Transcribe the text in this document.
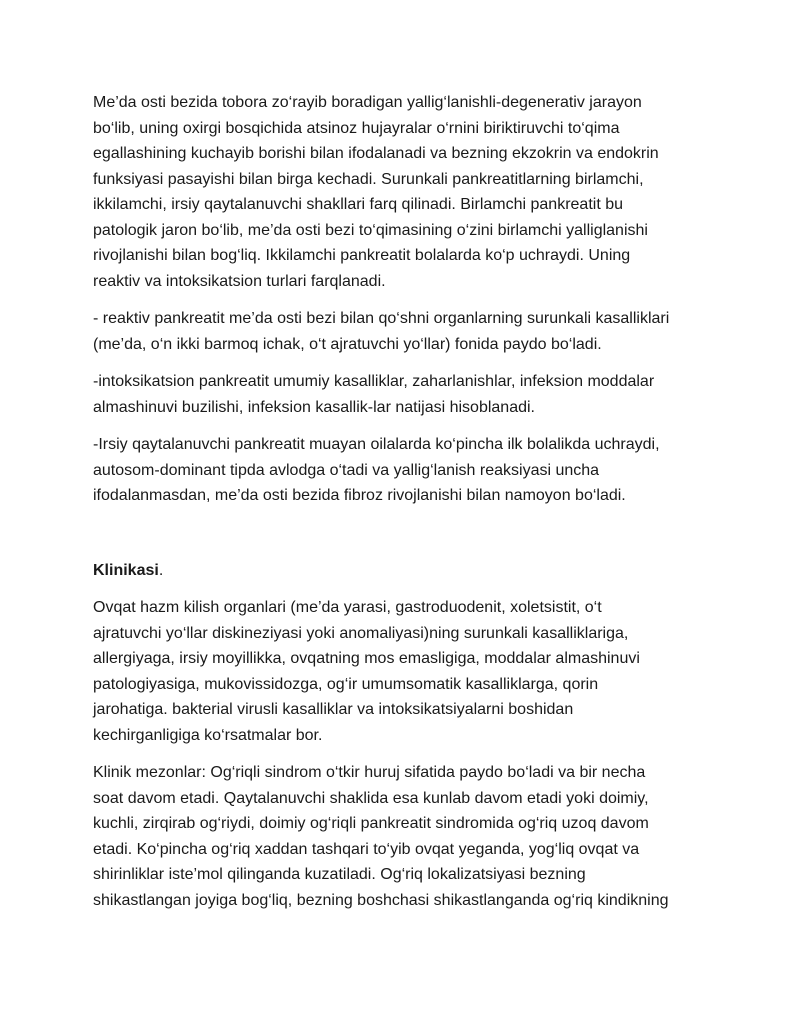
Me’da osti bezida tobora zo‘rayib boradigan yallig‘lanishli-degenerativ jarayon
bo‘lib, uning oxirgi bosqichida atsinoz hujayralar o‘rnini biriktiruvchi to‘qima
egallashining kuchayib borishi bilan ifodalanadi va bezning ekzokrin va endokrin
funksiyasi pasayishi bilan birga kechadi. Surunkali pankreatitlarning birlamchi,
ikkilamchi, irsiy qaytalanuvchi shakllari farq qilinadi. Birlamchi pankreatit bu
patologik jaron bo‘lib, me’da osti bezi to‘qimasining o‘zini birlamchi yalliglanishi
rivojlanishi bilan bog‘liq. Ikkilamchi pankreatit bolalarda ko‘p uchraydi. Uning
reaktiv va intoksikatsion turlari farqlanadi.

- reaktiv pankreatit me’da osti bezi bilan qo‘shni organlarning surunkali kasalliklari
(me’da, o‘n ikki barmoq ichak, o‘t ajratuvchi yo‘llar) fonida paydo bo‘ladi.

-intoksikatsion pankreatit umumiy kasalliklar, zaharlanishlar, infeksion moddalar
almashinuvi buzilishi, infeksion kasallik-lar natijasi hisoblanadi.

-Irsiy qaytalanuvchi pankreatit muayan oilalarda ko‘pincha ilk bolalikda uchraydi,
autosom-dominant tipda avlodga o‘tadi va yallig‘lanish reaksiyasi uncha
ifodalanmasdan, me’da osti bezida fibroz rivojlanishi bilan namoyon bo‘ladi.

Klinikasi.

Ovqat hazm kilish organlari (me’da yarasi, gastroduodenit, xoletsistit, o‘t
ajratuvchi yo‘llar diskineziyasi yoki anomaliyasi)ning surunkali kasalliklariga,
allergiyaga, irsiy moyillikka, ovqatning mos emasligiga, moddalar almashinuvi
patologiyasiga, mukovissidozga, og‘ir umumsomatik kasalliklarga, qorin
jarohatiga. bakterial virusli kasalliklar va intoksikatsiyalarni boshidan
kechirganligiga ko‘rsatmalar bor.

Klinik mezonlar: Og‘riqli sindrom o‘tkir huruj sifatida paydo bo‘ladi va bir necha
soat davom etadi. Qaytalanuvchi shaklida esa kunlab davom etadi yoki doimiy,
kuchli, zirqirab og‘riydi, doimiy og‘riqli pankreatit sindromida og‘riq uzoq davom
etadi. Ko‘pincha og‘riq xaddan tashqari to‘yib ovqat yeganda, yog‘liq ovqat va
shirinliklar iste’mol qilinganda kuzatiladi. Og‘riq lokalizatsiyasi bezning
shikastlangan joyiga bog‘liq, bezning boshchasi shikastlanganda og‘riq kindikning
